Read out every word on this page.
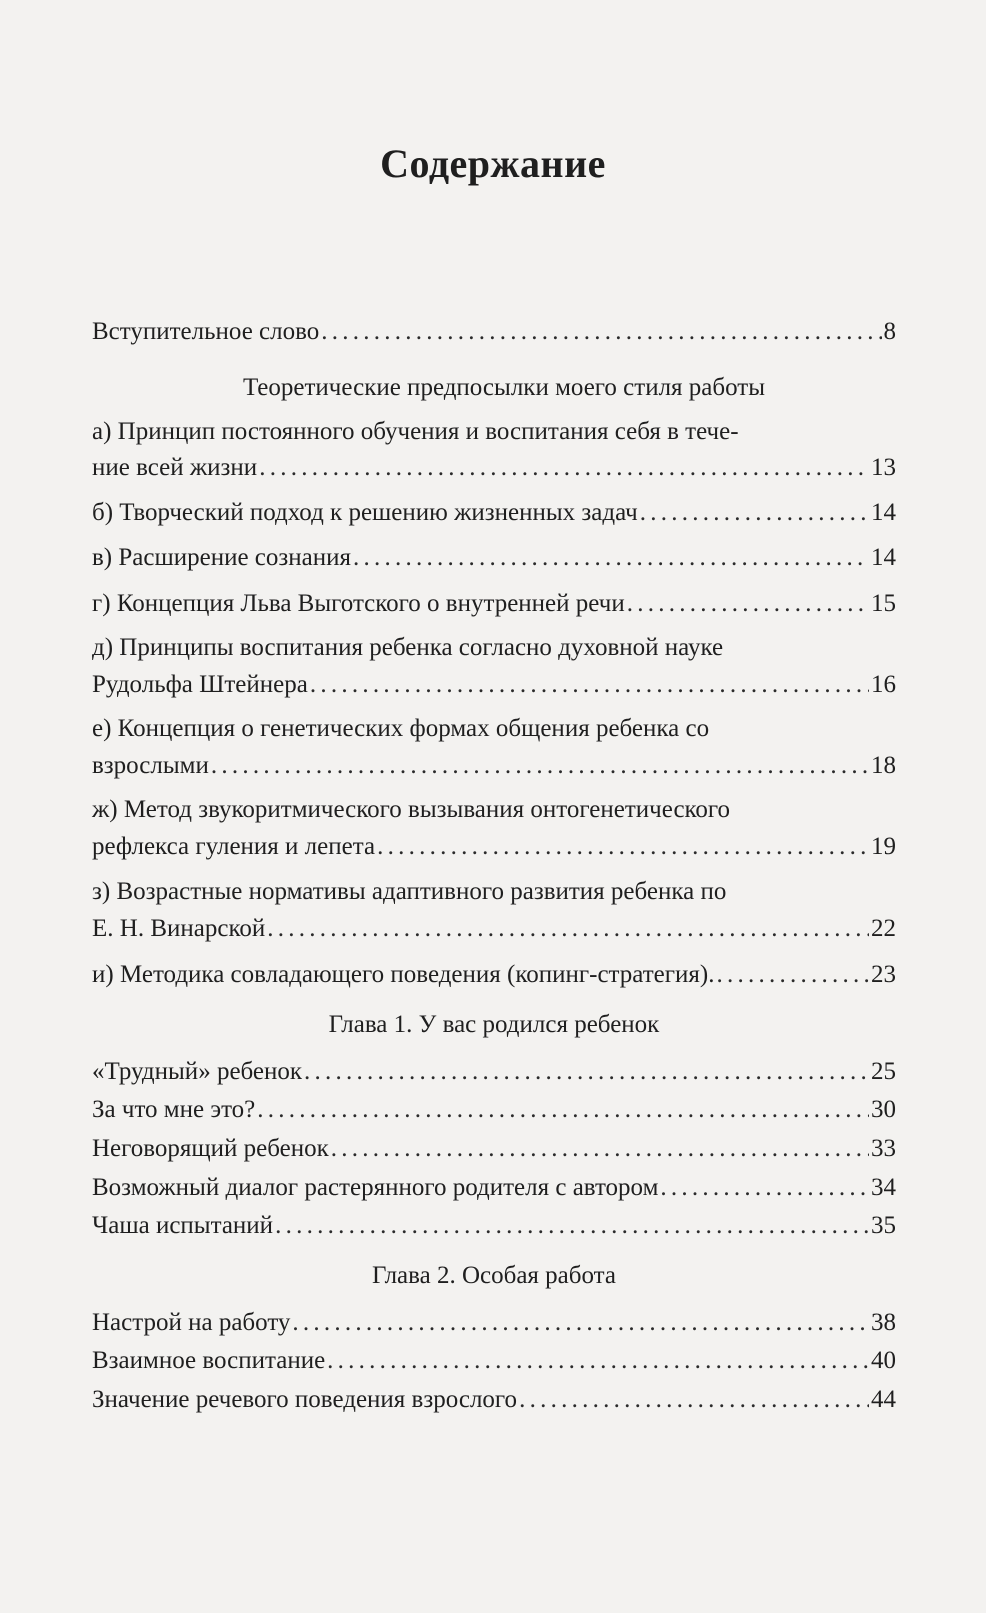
Содержание
Вступительное слово . . .	8
Теоретические предпосылки моего стиля работы
а) Принцип постоянного обучения и воспитания себя в тече-
ние всей жизни . . .	13
б) Творческий подход к решению жизненных задач . . .	14
в) Расширение сознания . . .	14
г) Концепция Льва Выготского о внутренней речи . . .	15
д) Принципы воспитания ребенка согласно духовной науке
Рудольфа Штейнера . . .	16
е) Концепция о генетических формах общения ребенка со
взрослыми . . .	18
ж) Метод звукоритмического вызывания онтогенетического
рефлекса гуления и лепета . . .	19
з) Возрастные нормативы адаптивного развития ребенка по
Е. Н. Винарской . . .	22
и) Методика совладающего поведения (копинг-стратегия). . . .	23
Глава 1. У вас родился ребенок
«Трудный» ребенок . . .	25
За что мне это? . . .	30
Неговорящий ребенок . . .	33
Возможный диалог растерянного родителя с автором . . .	34
Чаша испытаний . . .	35
Глава 2. Особая работа
Настрой на работу . . .	38
Взаимное воспитание . . .	40
Значение речевого поведения взрослого . . .	44
